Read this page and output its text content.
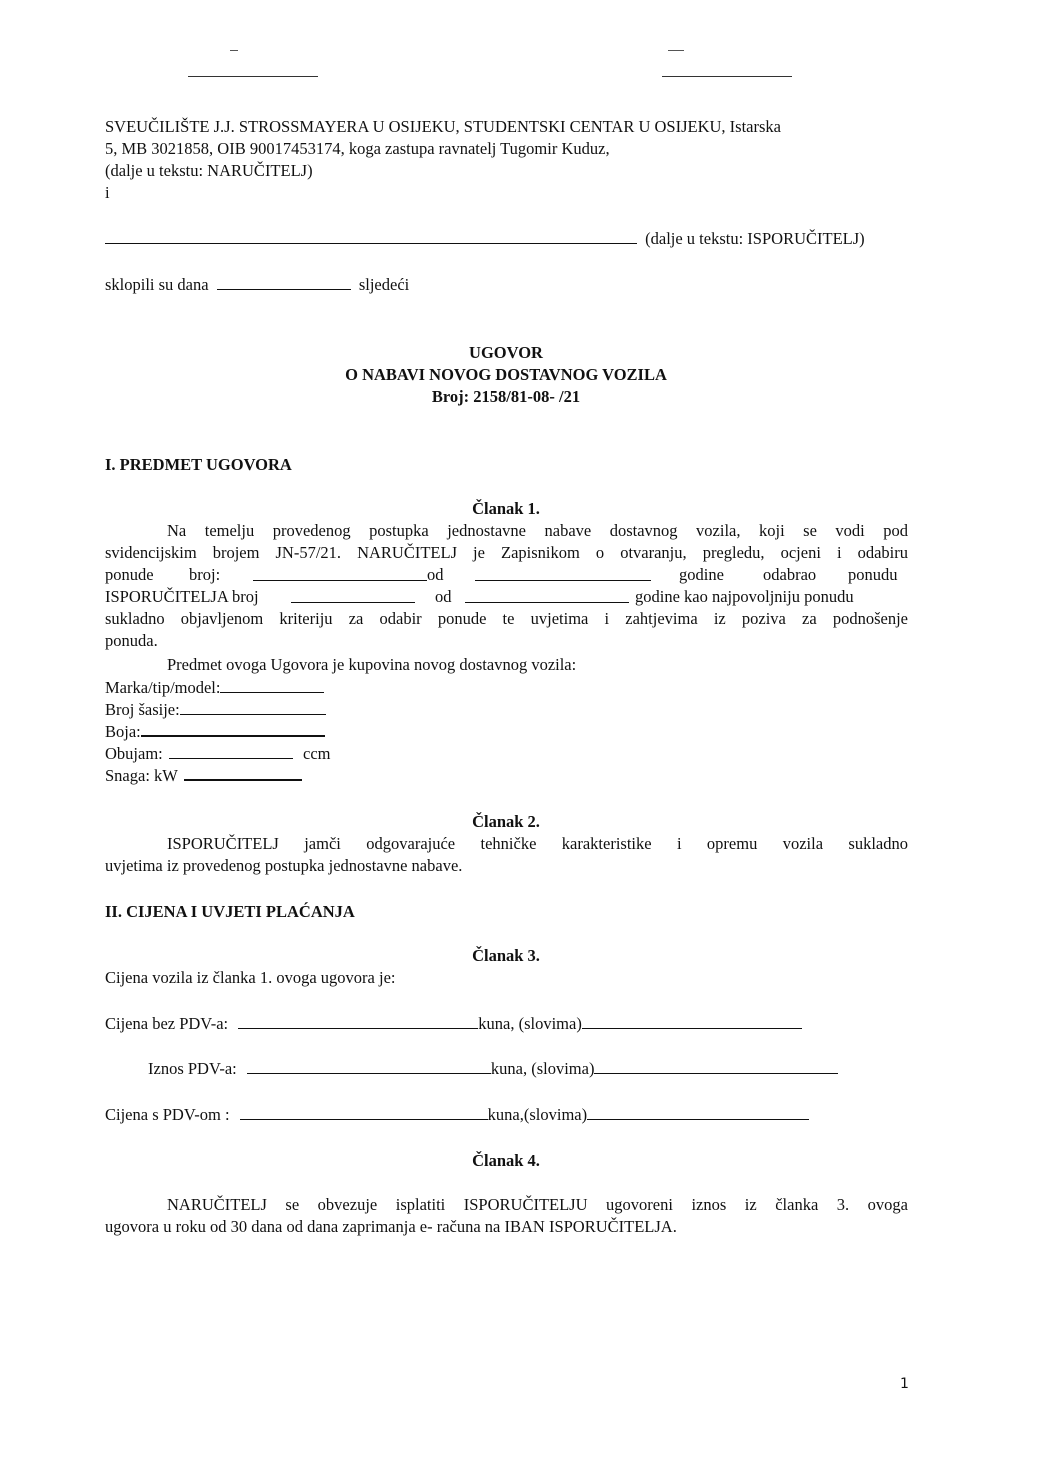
SVEUČILIŠTE J.J. STROSSMAYERA U OSIJEKU, STUDENTSKI CENTAR U OSIJEKU, Istarska
5, MB 3021858, OIB 90017453174, koga zastupa ravnatelj Tugomir Kuduz,
(dalje u tekstu: NARUČITELJ)
i
(dalje u tekstu: ISPORUČITELJ)
sklopili su dana	sljedeći
UGOVOR
O NABAVI NOVOG DOSTAVNOG VOZILA
Broj: 2158/81-08- /21
I. PREDMET UGOVORA
Članak 1.
Na temelju provedenog postupka jednostavne nabave dostavnog vozila, koji se vodi pod
svidencijskim brojem JN-57/21. NARUČITELJ je Zapisnikom o otvaranju, pregledu, ocjeni i odabiru
ponude broj:	od	godine odabrao ponudu
ISPORUČITELJA broj	od	godine kao najpovoljniju ponudu
sukladno objavljenom kriteriju za odabir ponude te uvjetima i zahtjevima iz poziva za podnošenje
ponuda.
Predmet ovoga Ugovora je kupovina novog dostavnog vozila:
Marka/tip/model:
Broj šasije:
Boja:
Obujam:	ccm
Snaga: kW
Članak 2.
ISPORUČITELJ jamči odgovarajuće tehničke karakteristike i opremu vozila sukladno
uvjetima iz provedenog postupka jednostavne nabave.
II. CIJENA I UVJETI PLAĆANJA
Članak 3.
Cijena vozila iz članka 1. ovoga ugovora je:
Cijena bez PDV-a:	kuna, (slovima)
Iznos PDV-a:	kuna, (slovima)
Cijena s PDV-om :	kuna,(slovima)
Članak 4.
NARUČITELJ se obvezuje isplatiti ISPORUČITELJU ugovoreni iznos iz članka 3. ovoga
ugovora u roku od 30 dana od dana zaprimanja e- računa na IBAN ISPORUČITELJA.
1
